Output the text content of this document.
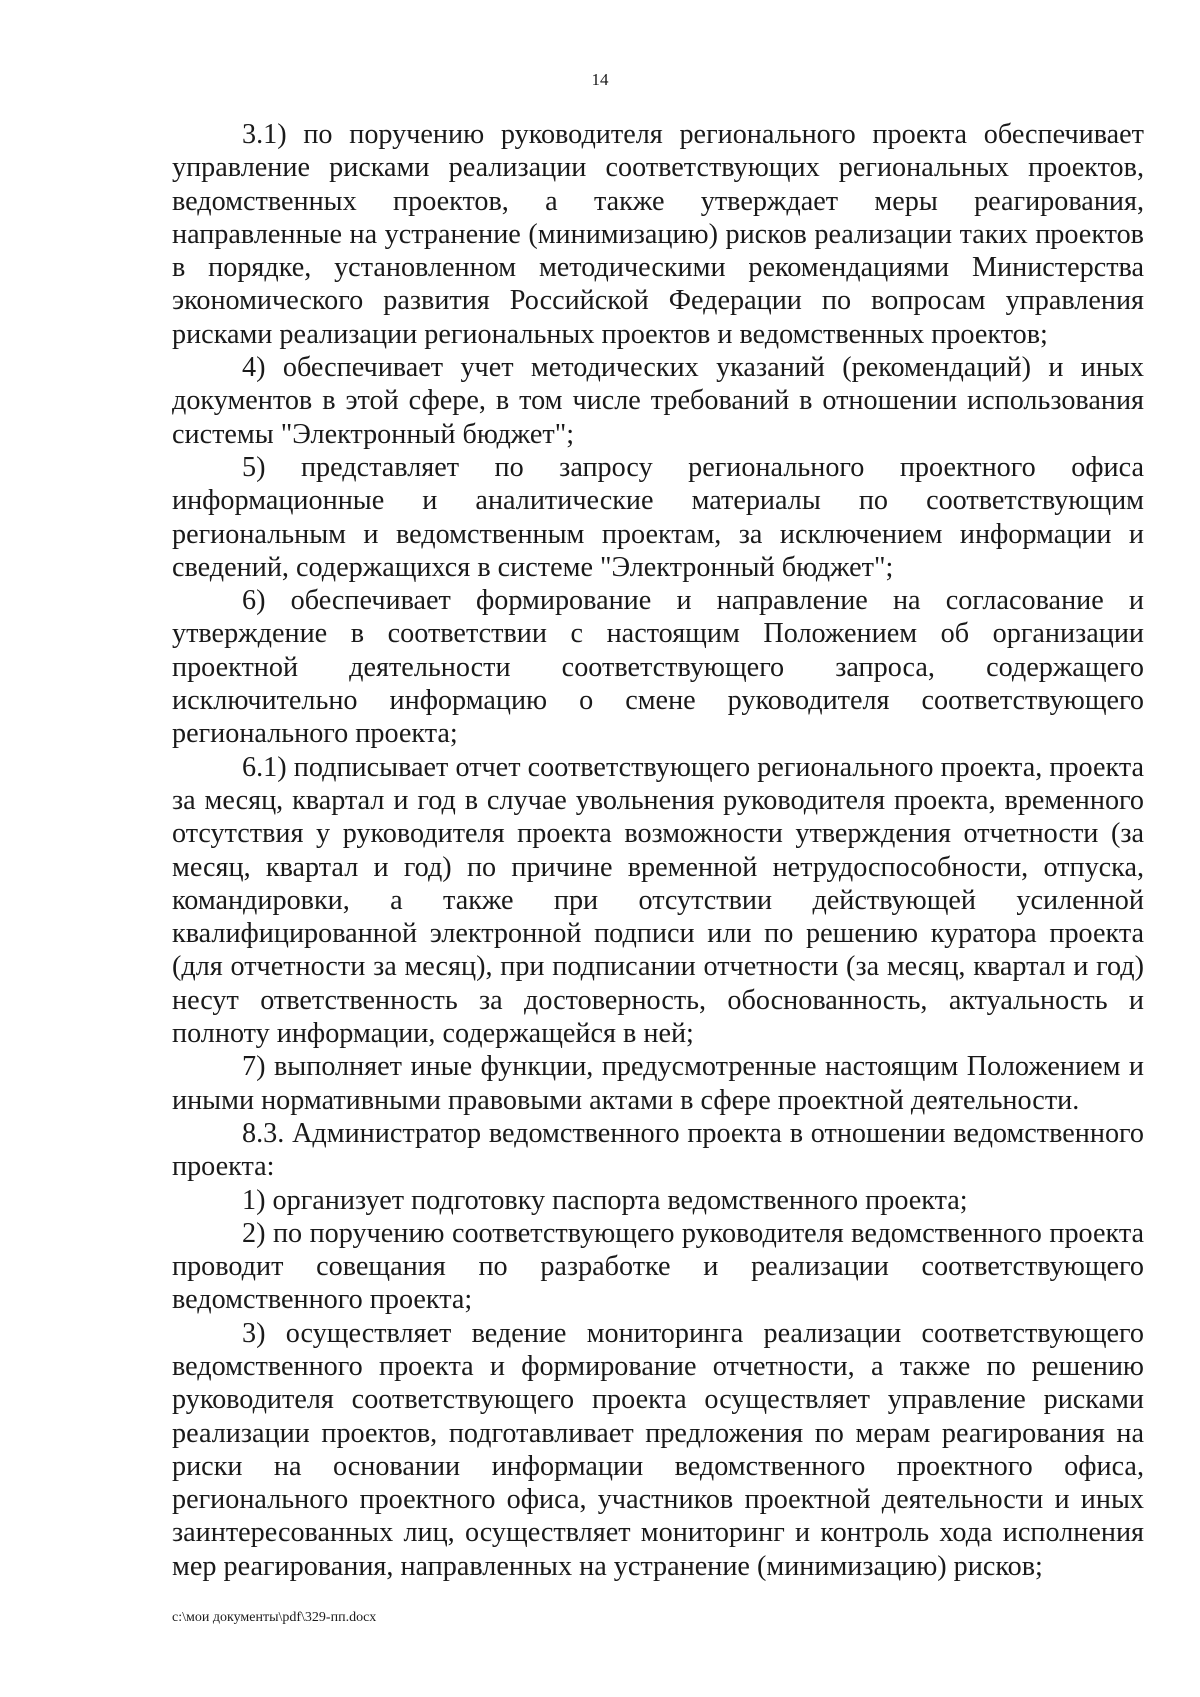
14

3.1) по поручению руководителя регионального проекта обеспечивает управление рисками реализации соответствующих региональных проектов, ведомственных проектов, а также утверждает меры реагирования, направленные на устранение (минимизацию) рисков реализации таких проектов в порядке, установленном методическими рекомендациями Министерства экономического развития Российской Федерации по вопросам управления рисками реализации региональных проектов и ведомственных проектов;

4) обеспечивает учет методических указаний (рекомендаций) и иных документов в этой сфере, в том числе требований в отношении использования системы "Электронный бюджет";

5) представляет по запросу регионального проектного офиса информационные и аналитические материалы по соответствующим региональным и ведомственным проектам, за исключением информации и сведений, содержащихся в системе "Электронный бюджет";

6) обеспечивает формирование и направление на согласование и утверждение в соответствии с настоящим Положением об организации проектной деятельности соответствующего запроса, содержащего исключительно информацию о смене руководителя соответствующего регионального проекта;

6.1) подписывает отчет соответствующего регионального проекта, проекта за месяц, квартал и год в случае увольнения руководителя проекта, временного отсутствия у руководителя проекта возможности утверждения отчетности (за месяц, квартал и год) по причине временной нетрудоспособности, отпуска, командировки, а также при отсутствии действующей усиленной квалифицированной электронной подписи или по решению куратора проекта (для отчетности за месяц), при подписании отчетности (за месяц, квартал и год) несут ответственность за достоверность, обоснованность, актуальность и полноту информации, содержащейся в ней;

7) выполняет иные функции, предусмотренные настоящим Положением и иными нормативными правовыми актами в сфере проектной деятельности.

8.3. Администратор ведомственного проекта в отношении ведомственного проекта:

1) организует подготовку паспорта ведомственного проекта;

2) по поручению соответствующего руководителя ведомственного проекта проводит совещания по разработке и реализации соответствующего ведомственного проекта;

3) осуществляет ведение мониторинга реализации соответствующего ведомственного проекта и формирование отчетности, а также по решению руководителя соответствующего проекта осуществляет управление рисками реализации проектов, подготавливает предложения по мерам реагирования на риски на основании информации ведомственного проектного офиса, регионального проектного офиса, участников проектной деятельности и иных заинтересованных лиц, осуществляет мониторинг и контроль хода исполнения мер реагирования, направленных на устранение (минимизацию) рисков;

c:\мои документы\pdf\329-пп.docx
